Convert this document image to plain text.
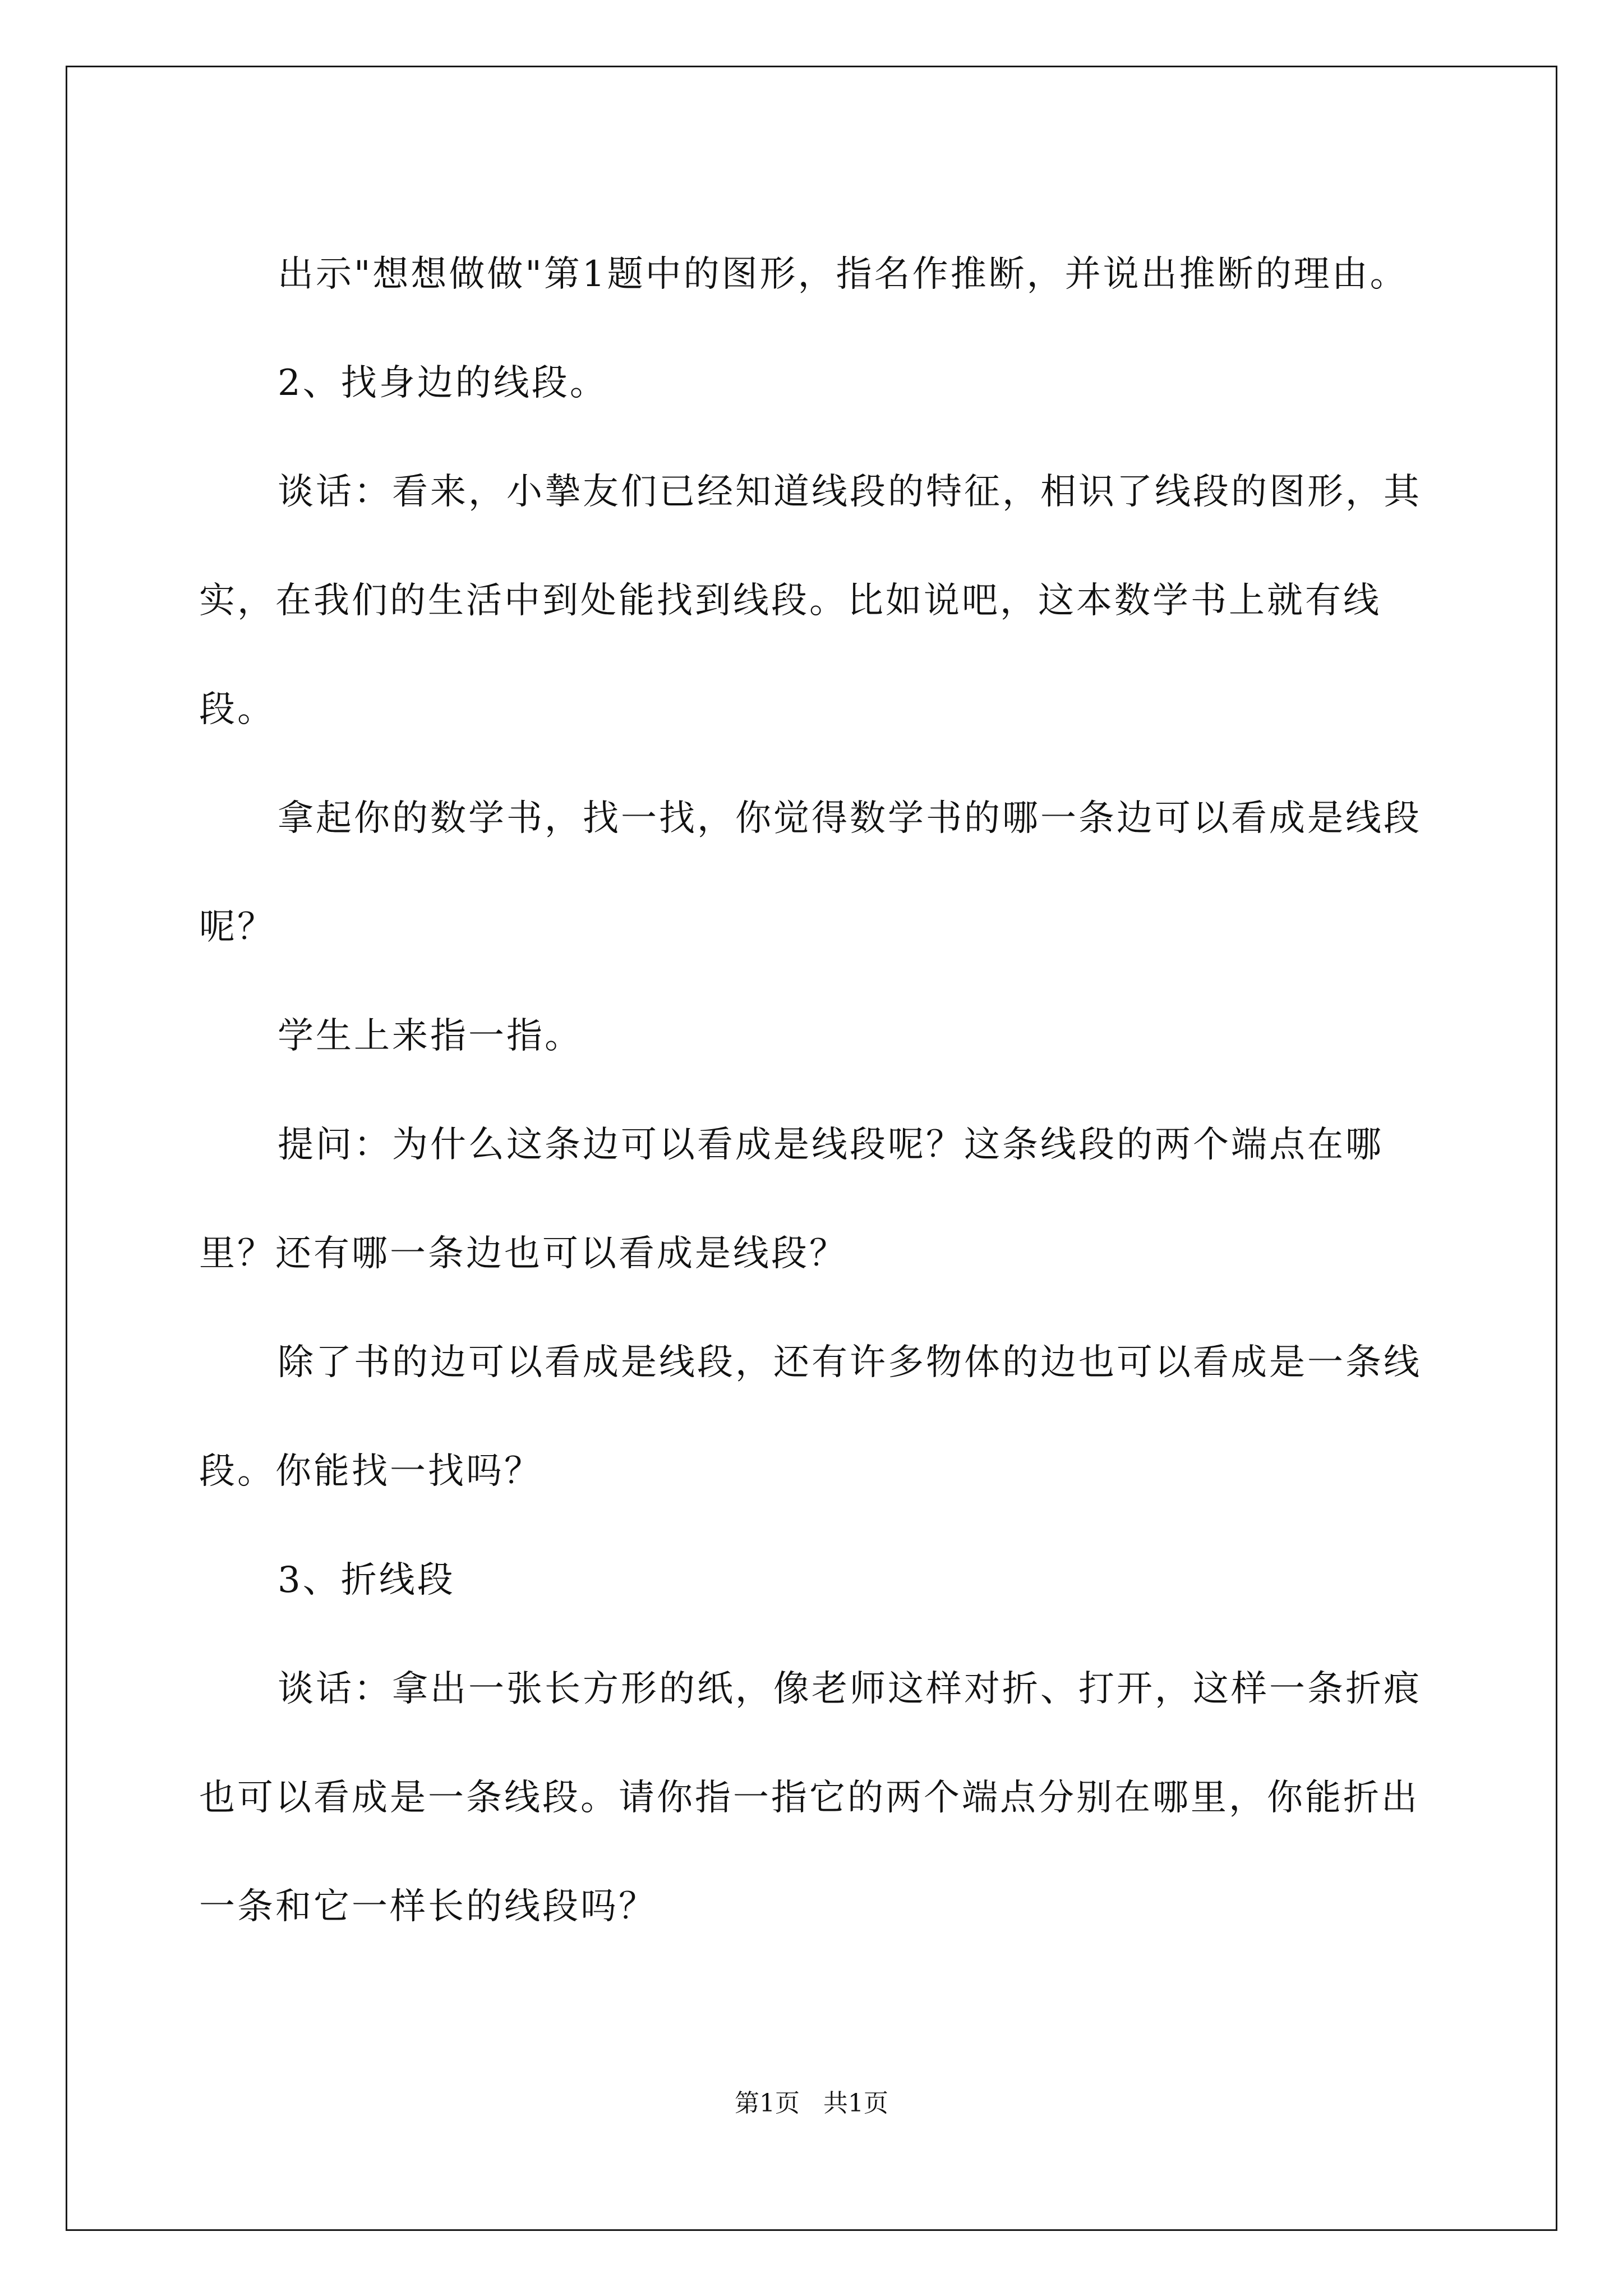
出示"想想做做"第1题中的图形，指名作推断，并说出推断的理由。

2、找身边的线段。

谈话：看来，小摯友们已经知道线段的特征，相识了线段的图形，其实，在我们的生活中到处能找到线段。比如说吧，这本数学书上就有线段。

拿起你的数学书，找一找，你觉得数学书的哪一条边可以看成是线段呢？

学生上来指一指。

提问：为什么这条边可以看成是线段呢？这条线段的两个端点在哪里？还有哪一条边也可以看成是线段？

除了书的边可以看成是线段，还有许多物体的边也可以看成是一条线段。你能找一找吗？

3、折线段

谈话：拿出一张长方形的纸，像老师这样对折、打开，这样一条折痕也可以看成是一条线段。请你指一指它的两个端点分别在哪里，你能折出一条和它一样长的线段吗？

第1页 共1页
